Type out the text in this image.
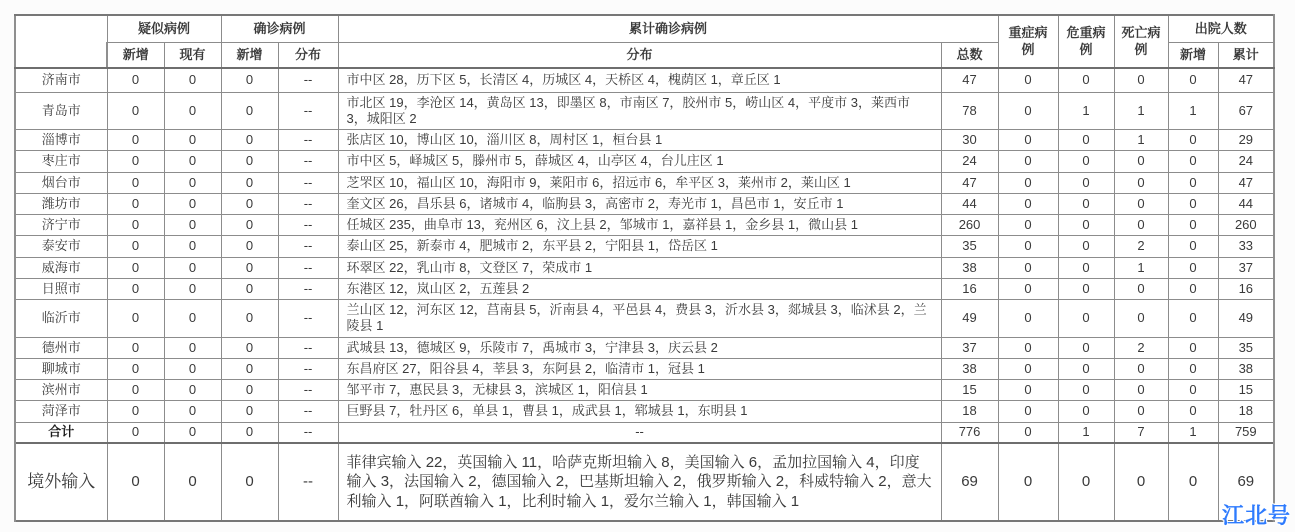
	疑似病例		确诊病例		累计确诊病例		重症病例	危重病例	死亡病例	出院人数	
	新增	现有	新增	分布	分布	总数				新增	累计
济南市	0	0	0	--	市中区 28，历下区 5，长清区 4，历城区 4，天桥区 4，槐荫区 1，章丘区 1	47	0	0	0	0	47
青岛市	0	0	0	--	市北区 19，李沧区 14，黄岛区 13，即墨区 8，市南区 7，胶州市 5，崂山区 4，平度市 3，莱西市 3，城阳区 2	78	0	1	1	1	67
淄博市	0	0	0	--	张店区 10，博山区 10，淄川区 8，周村区 1，桓台县 1	30	0	0	1	0	29
枣庄市	0	0	0	--	市中区 5，峄城区 5，滕州市 5，薛城区 4，山亭区 4，台儿庄区 1	24	0	0	0	0	24
烟台市	0	0	0	--	芝罘区 10，福山区 10，海阳市 9，莱阳市 6，招远市 6，牟平区 3，莱州市 2，莱山区 1	47	0	0	0	0	47
潍坊市	0	0	0	--	奎文区 26，昌乐县 6，诸城市 4，临朐县 3，高密市 2，寿光市 1，昌邑市 1，安丘市 1	44	0	0	0	0	44
济宁市	0	0	0	--	任城区 235，曲阜市 13，兖州区 6，汶上县 2，邹城市 1，嘉祥县 1，金乡县 1，微山县 1	260	0	0	0	0	260
泰安市	0	0	0	--	泰山区 25，新泰市 4，肥城市 2，东平县 2，宁阳县 1，岱岳区 1	35	0	0	2	0	33
威海市	0	0	0	--	环翠区 22，乳山市 8，文登区 7，荣成市 1	38	0	0	1	0	37
日照市	0	0	0	--	东港区 12，岚山区 2，五莲县 2	16	0	0	0	0	16
临沂市	0	0	0	--	兰山区 12，河东区 12，莒南县 5，沂南县 4，平邑县 4，费县 3，沂水县 3，郯城县 3，临沭县 2，兰陵县 1	49	0	0	0	0	49
德州市	0	0	0	--	武城县 13，德城区 9，乐陵市 7，禹城市 3，宁津县 3，庆云县 2	37	0	0	2	0	35
聊城市	0	0	0	--	东昌府区 27，阳谷县 4，莘县 3，东阿县 2，临清市 1，冠县 1	38	0	0	0	0	38
滨州市	0	0	0	--	邹平市 7，惠民县 3，无棣县 3，滨城区 1，阳信县 1	15	0	0	0	0	15
菏泽市	0	0	0	--	巨野县 7，牡丹区 6，单县 1，曹县 1，成武县 1，郓城县 1，东明县 1	18	0	0	0	0	18
合计	0	0	0	--	--	776	0	1	7	1	759
境外输入	0	0	0	--	菲律宾输入 22，英国输入 11，哈萨克斯坦输入 8，美国输入 6，孟加拉国输入 4，印度输入 3，法国输入 2，德国输入 2，巴基斯坦输入 2，俄罗斯输入 2，科威特输入 2，意大利输入 1，阿联酋输入 1，比利时输入 1，爱尔兰输入 1，韩国输入 1	69	0	0	0	0	69
江北号
